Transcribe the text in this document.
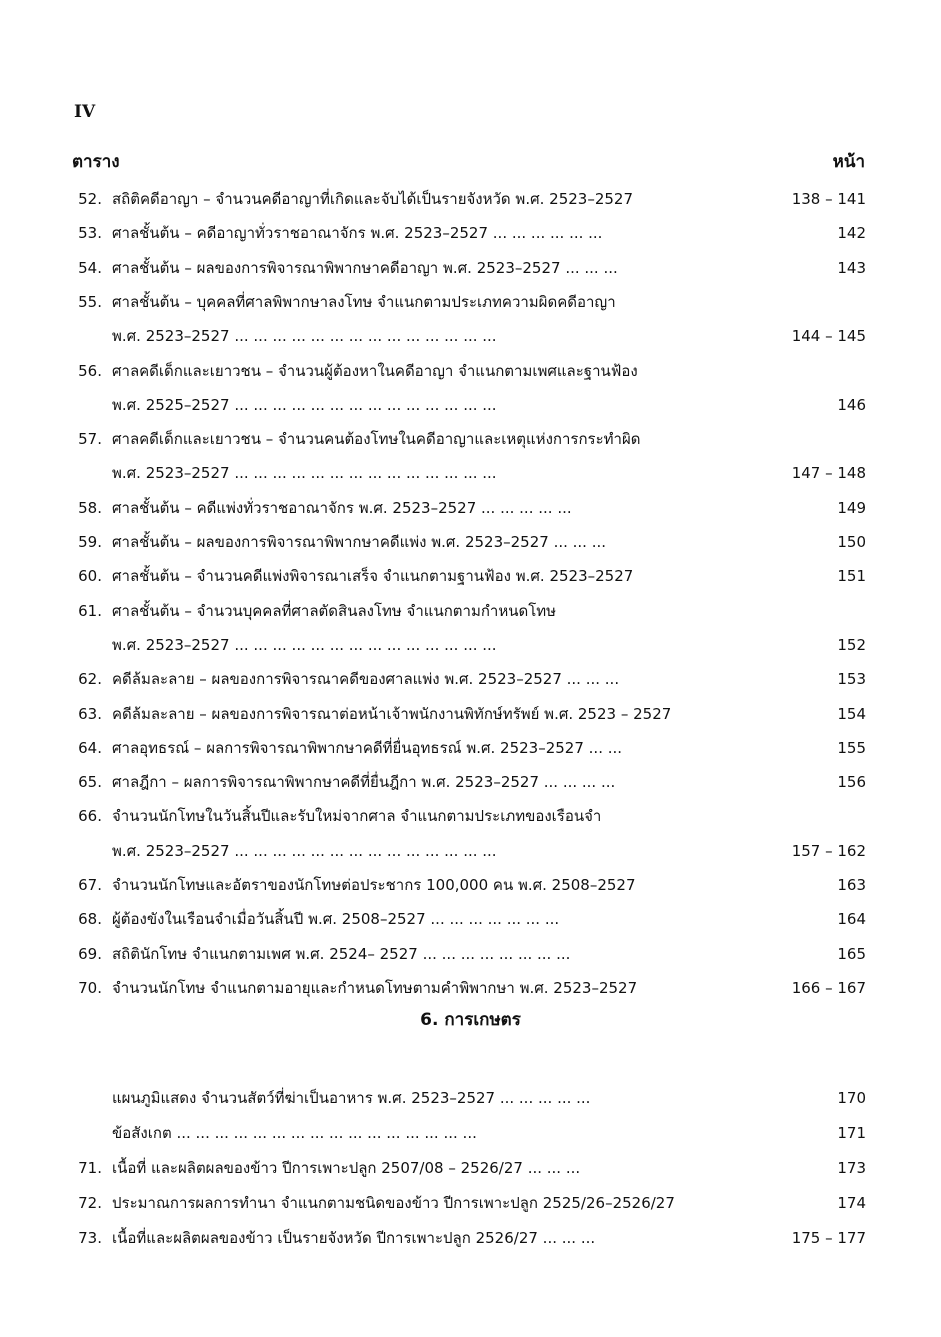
IV
ตาราง	หน้า
52. สถิติคดีอาญา – จำนวนคดีอาญาที่เกิดและจับได้เป็นรายจังหวัด พ.ศ. 2523–2527	138 – 141
53. ศาลชั้นต้น – คดีอาญาทั่วราชอาณาจักร พ.ศ. 2523–2527 ... ... ... ... ... ...	142
54. ศาลชั้นต้น – ผลของการพิจารณาพิพากษาคดีอาญา พ.ศ. 2523–2527 ... ... ...	143
55. ศาลชั้นต้น – บุคคลที่ศาลพิพากษาลงโทษ จำแนกตามประเภทความผิดคดีอาญา
พ.ศ. 2523–2527 ... ... ... ... ... ... ... ... ... ... ... ... ... ...	144 – 145
56. ศาลคดีเด็กและเยาวชน – จำนวนผู้ต้องหาในคดีอาญา จำแนกตามเพศและฐานฟ้อง
พ.ศ. 2525–2527 ... ... ... ... ... ... ... ... ... ... ... ... ... ...	146
57. ศาลคดีเด็กและเยาวชน – จำนวนคนต้องโทษในคดีอาญาและเหตุแห่งการกระทำผิด
พ.ศ. 2523–2527 ... ... ... ... ... ... ... ... ... ... ... ... ... ...	147 – 148
58. ศาลชั้นต้น – คดีแพ่งทั่วราชอาณาจักร พ.ศ. 2523–2527 ... ... ... ... ...	149
59. ศาลชั้นต้น – ผลของการพิจารณาพิพากษาคดีแพ่ง พ.ศ. 2523–2527 ... ... ...	150
60. ศาลชั้นต้น – จำนวนคดีแพ่งพิจารณาเสร็จ จำแนกตามฐานฟ้อง พ.ศ. 2523–2527	151
61. ศาลชั้นต้น – จำนวนบุคคลที่ศาลตัดสินลงโทษ จำแนกตามกำหนดโทษ
พ.ศ. 2523–2527 ... ... ... ... ... ... ... ... ... ... ... ... ... ...	152
62. คดีล้มละลาย – ผลของการพิจารณาคดีของศาลแพ่ง พ.ศ. 2523–2527 ... ... ...	153
63. คดีล้มละลาย – ผลของการพิจารณาต่อหน้าเจ้าพนักงานพิทักษ์ทรัพย์ พ.ศ. 2523 – 2527	154
64. ศาลอุทธรณ์ – ผลการพิจารณาพิพากษาคดีที่ยื่นอุทธรณ์ พ.ศ. 2523–2527 ... ...	155
65. ศาลฎีกา – ผลการพิจารณาพิพากษาคดีที่ยื่นฎีกา พ.ศ. 2523–2527 ... ... ... ...	156
66. จำนวนนักโทษในวันสิ้นปีและรับใหม่จากศาล จำแนกตามประเภทของเรือนจำ
พ.ศ. 2523–2527 ... ... ... ... ... ... ... ... ... ... ... ... ... ...	157 – 162
67. จำนวนนักโทษและอัตราของนักโทษต่อประชากร 100,000 คน พ.ศ. 2508–2527	163
68. ผู้ต้องขังในเรือนจำเมื่อวันสิ้นปี พ.ศ. 2508–2527 ... ... ... ... ... ... ...	164
69. สถิตินักโทษ จำแนกตามเพศ พ.ศ. 2524– 2527 ... ... ... ... ... ... ... ...	165
70. จำนวนนักโทษ จำแนกตามอายุและกำหนดโทษตามคำพิพากษา พ.ศ. 2523–2527	166 – 167
6. การเกษตร
แผนภูมิแสดง จำนวนสัตว์ที่ฆ่าเป็นอาหาร พ.ศ. 2523–2527 ... ... ... ... ...	170
ข้อสังเกต ... ... ... ... ... ... ... ... ... ... ... ... ... ... ... ...	171
71. เนื้อที่ และผลิตผลของข้าว ปีการเพาะปลูก 2507/08 – 2526/27 ... ... ...	173
72. ประมาณการผลการทำนา จำแนกตามชนิดของข้าว ปีการเพาะปลูก 2525/26–2526/27	174
73. เนื้อที่และผลิตผลของข้าว เป็นรายจังหวัด ปีการเพาะปลูก 2526/27 ... ... ...	175 – 177
